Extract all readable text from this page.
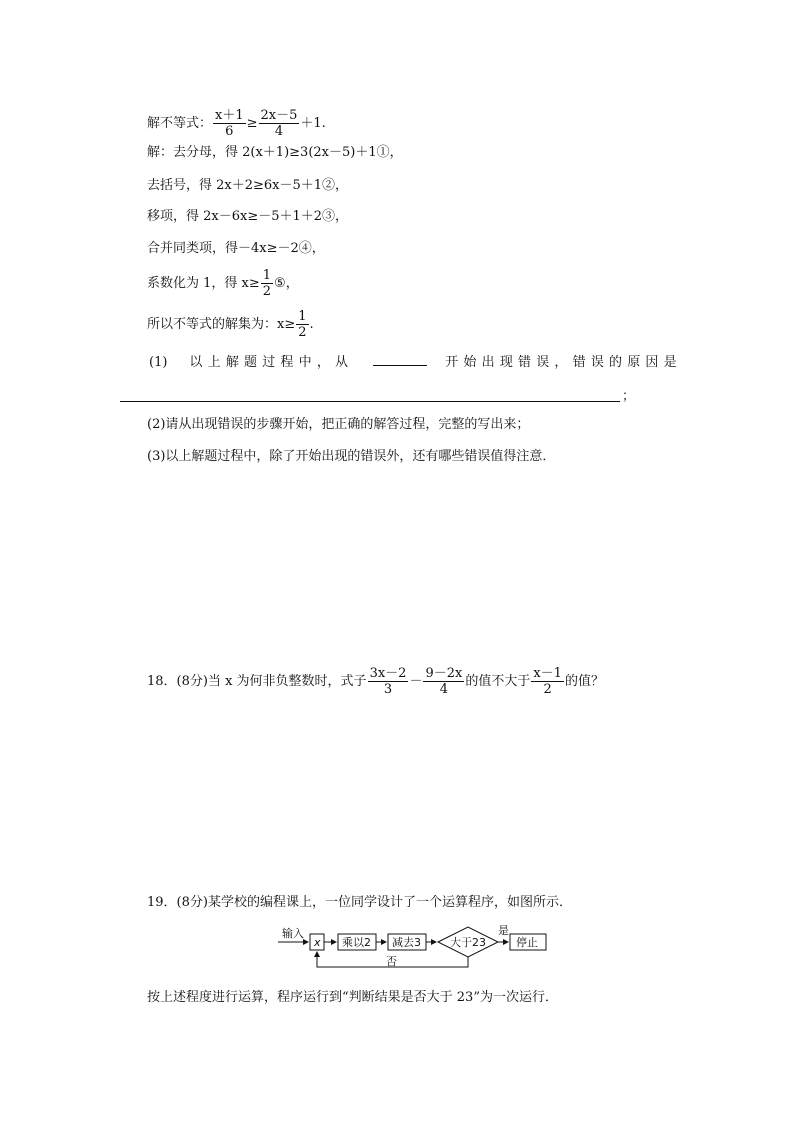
解不等式： $\frac{x+1}{6} \ge \frac{2x-5}{4} +1$.
解：去分母，得 2(x＋1)≥3(2x－5)＋1①，
去括号，得 2x＋2≥6x－5＋1②，
移项，得 2x－6x≥－5＋1＋2③，
合并同类项，得－4x≥－2④，
系数化为 1，得 $x\ge \frac{1}{2}$ ⑤，
所以不等式的解集为：$x\ge \frac{1}{2}$ .
(1) 以上解题过程中，从	开始出现错误，错误的原因是
；
(2)请从出现错误的步骤开始，把正确的解答过程，完整的写出来；
(3)以上解题过程中，除了开始出现的错误外，还有哪些错误值得注意．
18．(8分)当 x 为何非负整数时，式子 $\frac{3x-2}{3} - \frac{9-2x}{4}$ 的值不大于 $\frac{x-1}{2}$ 的值？
19．(8分)某学校的编程课上，一位同学设计了一个运算程序，如图所示．
输入
x 乘以2 减去3	大于23
是
停止
否
按上述程度进行运算，程序运行到“判断结果是否大于 23”为一次运行．
